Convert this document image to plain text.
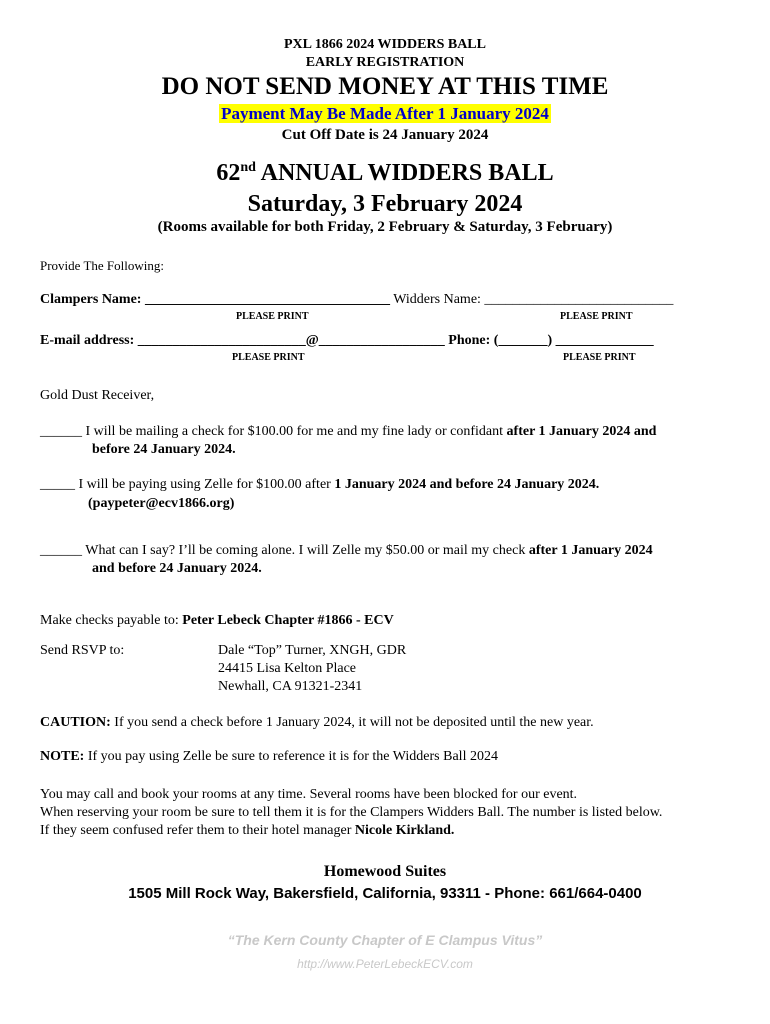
PXL 1866 2024 WIDDERS BALL
EARLY REGISTRATION
DO NOT SEND MONEY AT THIS TIME
Payment May Be Made After 1 January 2024
Cut Off Date is 24 January 2024
62nd ANNUAL WIDDERS BALL
Saturday, 3 February 2024
(Rooms available for both Friday, 2 February & Saturday, 3 February)
Provide The Following:
Clampers Name: ___________________________________ Widders Name: ___________________________
PLEASE PRINT	PLEASE PRINT
E-mail address: ________________________@__________________ Phone: (_______) ______________
PLEASE PRINT	PLEASE PRINT
Gold Dust Receiver,
______ I will be mailing a check for $100.00 for me and my fine lady or confidant after 1 January 2024 and
before 24 January 2024.
_____ I will be paying using Zelle for $100.00 after 1 January 2024 and before 24 January 2024.
(paypeter@ecv1866.org)
______ What can I say? I’ll be coming alone. I will Zelle my $50.00 or mail my check after 1 January 2024
and before 24 January 2024.
Make checks payable to: Peter Lebeck Chapter #1866 - ECV
Send RSVP to:	Dale “Top” Turner, XNGH, GDR
24415 Lisa Kelton Place
Newhall, CA 91321-2341
CAUTION: If you send a check before 1 January 2024, it will not be deposited until the new year.
NOTE: If you pay using Zelle be sure to reference it is for the Widders Ball 2024
You may call and book your rooms at any time. Several rooms have been blocked for our event.
When reserving your room be sure to tell them it is for the Clampers Widders Ball. The number is listed below.
If they seem confused refer them to their hotel manager Nicole Kirkland.
Homewood Suites
1505 Mill Rock Way, Bakersfield, California, 93311 - Phone: 661/664-0400
“The Kern County Chapter of E Clampus Vitus”
http://www.PeterLebeckECV.com
